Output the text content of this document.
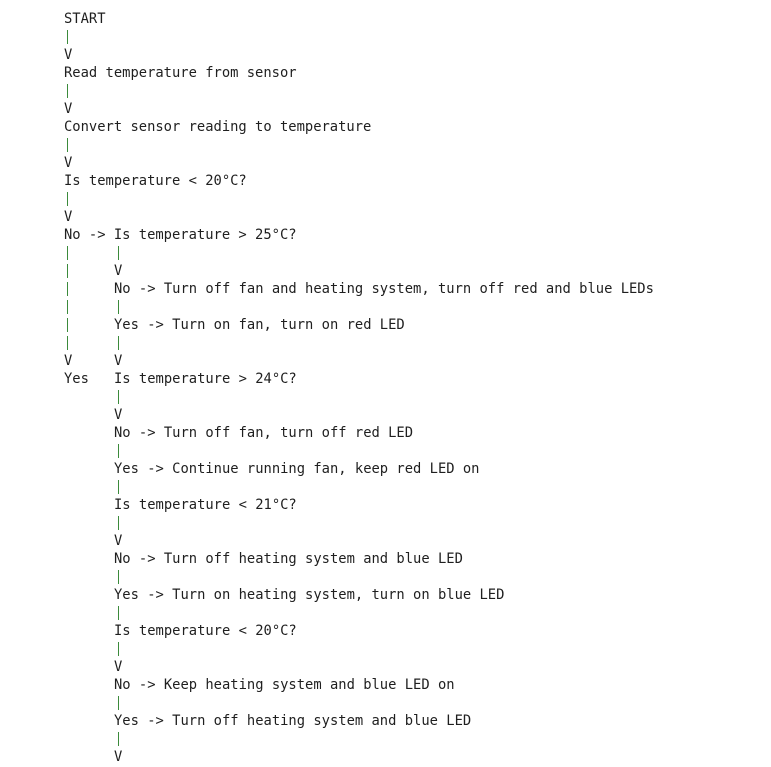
START
V
Read temperature from sensor
V
Convert sensor reading to temperature
V
Is temperature < 20°C?
V
No -> Is temperature > 25°C?
V
No -> Turn off fan and heating system, turn off red and blue LEDs
Yes -> Turn on fan, turn on red LED
V	V
Yes Is temperature > 24°C?
V
No -> Turn off fan, turn off red LED
Yes -> Continue running fan, keep red LED on
Is temperature < 21°C?
V
No -> Turn off heating system and blue LED
Yes -> Turn on heating system, turn on blue LED
Is temperature < 20°C?
V
No -> Keep heating system and blue LED on
Yes -> Turn off heating system and blue LED
V
